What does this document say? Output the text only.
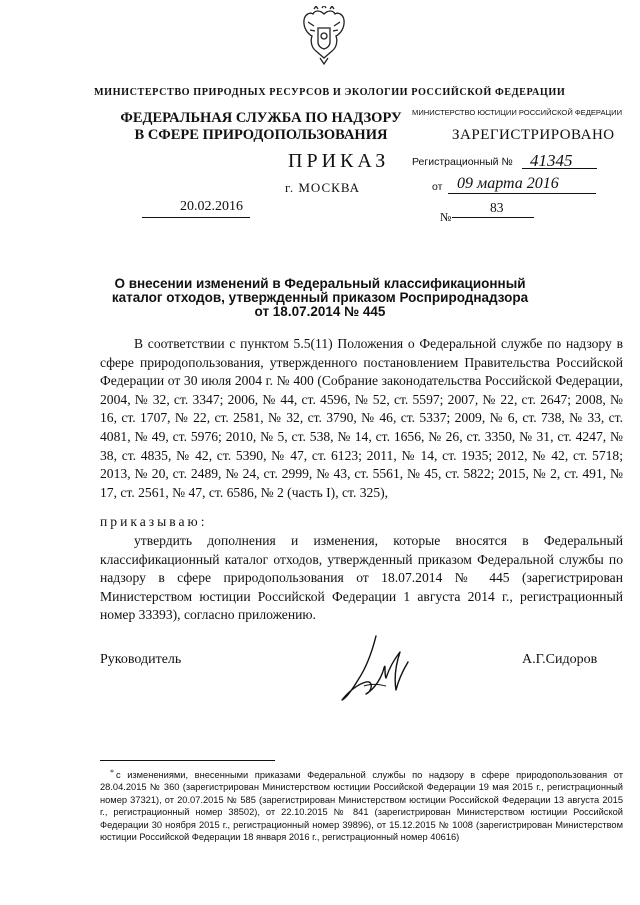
МИНИСТЕРСТВО ПРИРОДНЫХ РЕСУРСОВ И ЭКОЛОГИИ РОССИЙСКОЙ ФЕДЕРАЦИИ
ФЕДЕРАЛЬНАЯ СЛУЖБА ПО НАДЗОРУ
В СФЕРЕ ПРИРОДОПОЛЬЗОВАНИЯ
МИНИСТЕРСТВО ЮСТИЦИИ РОССИЙСКОЙ ФЕДЕРАЦИИ
ЗАРЕГИСТРИРОВАНО
Регистрационный № 41345
от 09 марта 2016
ПРИКАЗ
г. МОСКВА
20.02.2016
№
83
О внесении изменений в Федеральный классификационный
каталог отходов, утвержденный приказом Росприроднадзора
от 18.07.2014 № 445
В соответствии с пунктом 5.5(11) Положения о Федеральной службе по надзору в сфере природопользования, утвержденного постановлением Правительства Российской Федерации от 30 июля 2004 г. № 400 (Собрание законодательства Российской Федерации, 2004, № 32, ст. 3347; 2006, № 44, ст. 4596, № 52, ст. 5597; 2007, № 22, ст. 2647; 2008, № 16, ст. 1707, № 22, ст. 2581, № 32, ст. 3790, № 46, ст. 5337; 2009, № 6, ст. 738, № 33, ст. 4081, № 49, ст. 5976; 2010, № 5, ст. 538, № 14, ст. 1656, № 26, ст. 3350, № 31, ст. 4247, № 38, ст. 4835, № 42, ст. 5390, № 47, ст. 6123; 2011, № 14, ст. 1935; 2012, № 42, ст. 5718; 2013, № 20, ст. 2489, № 24, ст. 2999, № 43, ст. 5561, № 45, ст. 5822; 2015, № 2, ст. 491, № 17, ст. 2561, № 47, ст. 6586, № 2 (часть I), ст. 325),
приказываю:
утвердить дополнения и изменения, которые вносятся в Федеральный классификационный каталог отходов, утвержденный приказом Федеральной службы по надзору в сфере природопользования от 18.07.2014 № 445 (зарегистрирован Министерством юстиции Российской Федерации 1 августа 2014 г., регистрационный номер 33393), согласно приложению.
Руководитель	А.Г.Сидоров
* с изменениями, внесенными приказами Федеральной службы по надзору в сфере природопользования от 28.04.2015 № 360 (зарегистрирован Министерством юстиции Российской Федерации 19 мая 2015 г., регистрационный номер 37321), от 20.07.2015 № 585 (зарегистрирован Министерством юстиции Российской Федерации 13 августа 2015 г., регистрационный номер 38502), от 22.10.2015 № 841 (зарегистрирован Министерством юстиции Российской Федерации 30 ноября 2015 г., регистрационный номер 39896), от 15.12.2015 № 1008 (зарегистрирован Министерством юстиции Российской Федерации 18 января 2016 г., регистрационный номер 40616)
